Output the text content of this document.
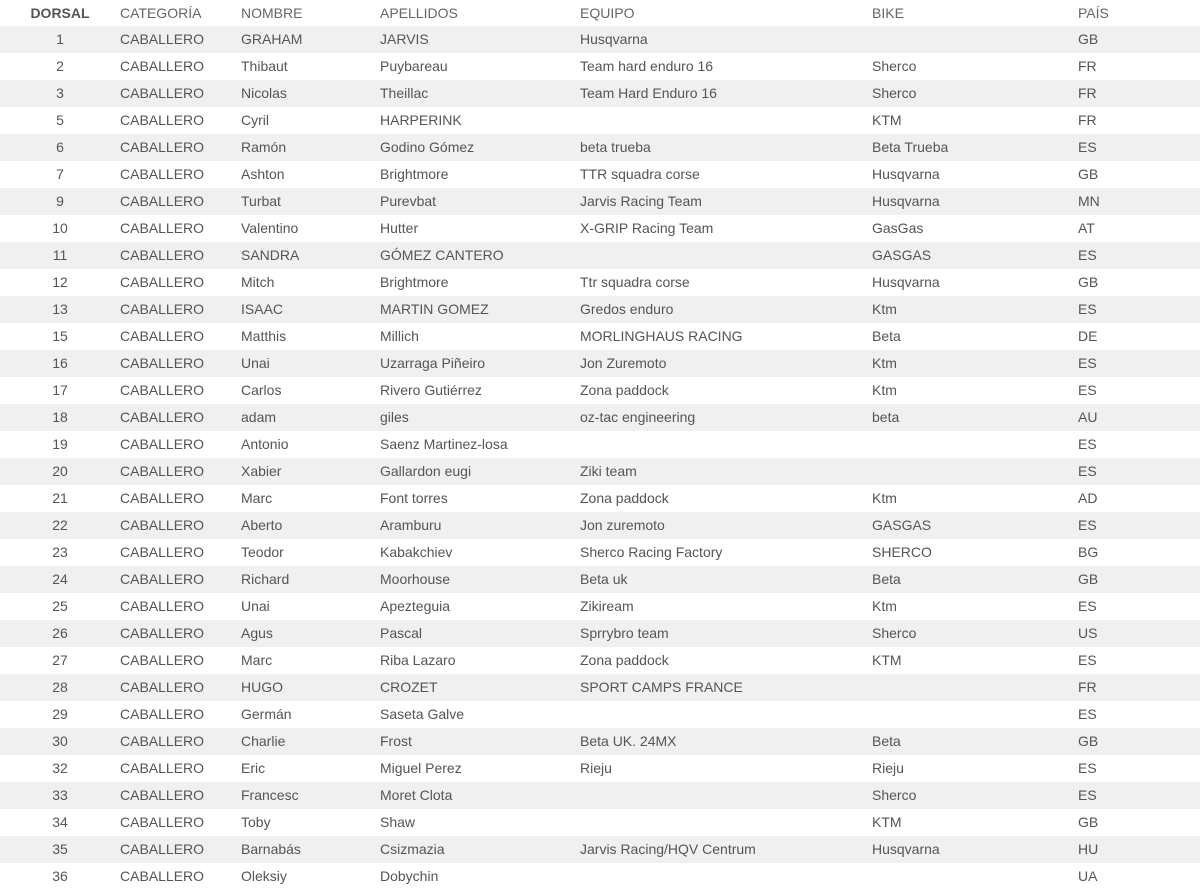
DORSAL	CATEGORÍA	NOMBRE	APELLIDOS	EQUIPO	BIKE	PAÍS
1	CABALLERO	GRAHAM	JARVIS	Husqvarna		GB
2	CABALLERO	Thibaut	Puybareau	Team hard enduro 16	Sherco	FR
3	CABALLERO	Nicolas	Theillac	Team Hard Enduro 16	Sherco	FR
5	CABALLERO	Cyril	HARPERINK		KTM	FR
6	CABALLERO	Ramón	Godino Gómez	beta trueba	Beta Trueba	ES
7	CABALLERO	Ashton	Brightmore	TTR squadra corse	Husqvarna	GB
9	CABALLERO	Turbat	Purevbat	Jarvis Racing Team	Husqvarna	MN
10	CABALLERO	Valentino	Hutter	X-GRIP Racing Team	GasGas	AT
11	CABALLERO	SANDRA	GÓMEZ CANTERO		GASGAS	ES
12	CABALLERO	Mitch	Brightmore	Ttr squadra corse	Husqvarna	GB
13	CABALLERO	ISAAC	MARTIN GOMEZ	Gredos enduro	Ktm	ES
15	CABALLERO	Matthis	Millich	MORLINGHAUS RACING	Beta	DE
16	CABALLERO	Unai	Uzarraga Piñeiro	Jon Zuremoto	Ktm	ES
17	CABALLERO	Carlos	Rivero Gutiérrez	Zona paddock	Ktm	ES
18	CABALLERO	adam	giles	oz-tac engineering	beta	AU
19	CABALLERO	Antonio	Saenz Martinez-losa			ES
20	CABALLERO	Xabier	Gallardon eugi	Ziki team		ES
21	CABALLERO	Marc	Font torres	Zona paddock	Ktm	AD
22	CABALLERO	Aberto	Aramburu	Jon zuremoto	GASGAS	ES
23	CABALLERO	Teodor	Kabakchiev	Sherco Racing Factory	SHERCO	BG
24	CABALLERO	Richard	Moorhouse	Beta uk	Beta	GB
25	CABALLERO	Unai	Apezteguia	Zikiream	Ktm	ES
26	CABALLERO	Agus	Pascal	Sprrybro team	Sherco	US
27	CABALLERO	Marc	Riba Lazaro	Zona paddock	KTM	ES
28	CABALLERO	HUGO	CROZET	SPORT CAMPS FRANCE		FR
29	CABALLERO	Germán	Saseta Galve			ES
30	CABALLERO	Charlie	Frost	Beta UK. 24MX	Beta	GB
32	CABALLERO	Eric	Miguel Perez	Rieju	Rieju	ES
33	CABALLERO	Francesc	Moret Clota		Sherco	ES
34	CABALLERO	Toby	Shaw		KTM	GB
35	CABALLERO	Barnabás	Csizmazia	Jarvis Racing/HQV Centrum	Husqvarna	HU
36	CABALLERO	Oleksiy	Dobychin			UA
